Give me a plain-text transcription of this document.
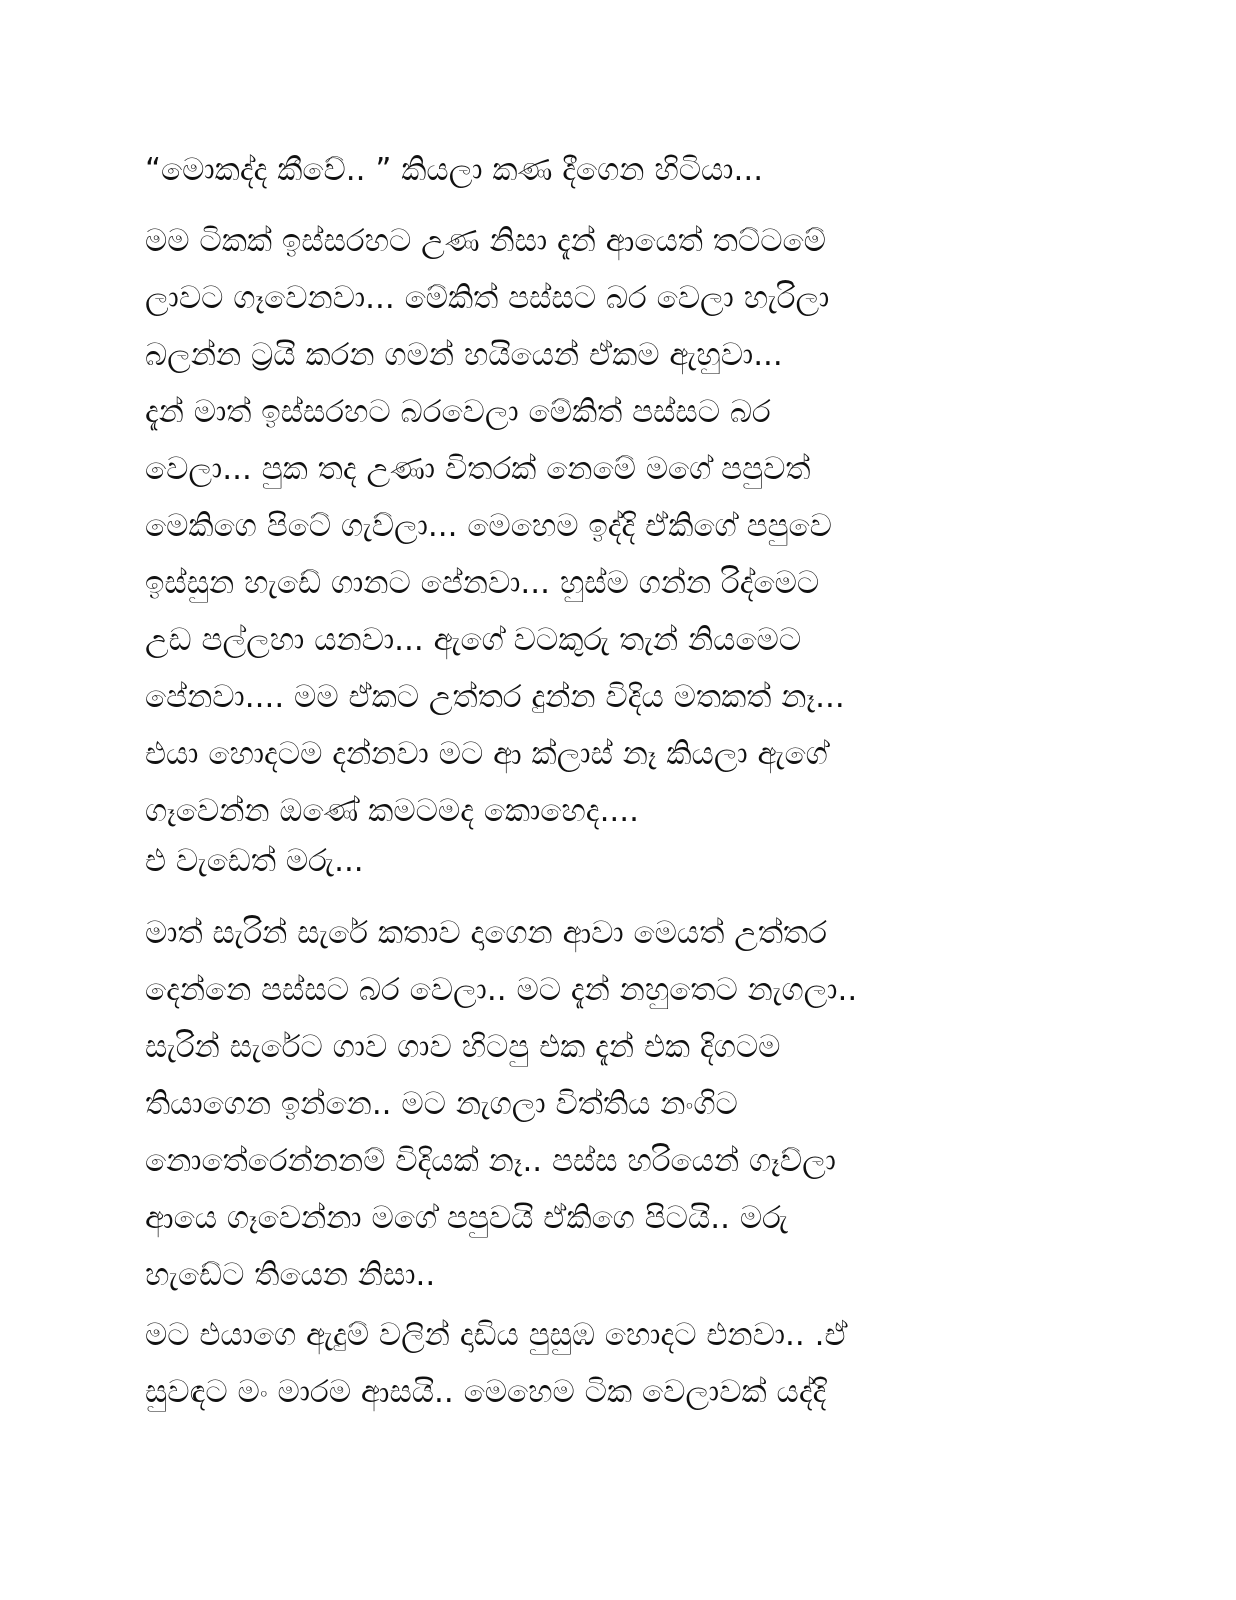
“මොකද්ද කීවේ.. ” කියලා කණ දීගෙන හිටියා...
මම ටිකක් ඉස්සරහට උණ නිසා දැන් ආයෙත් තට්ටමේ
ලාවට ගෑවෙනවා... මේකිත් පස්සට බර වෙලා හැරිලා
බලන්න ට්‍රයි කරන ගමන් හයියෙන් ඒකම ඇහුවා...
දැන් මාත් ඉස්සරහට බරවෙලා මේකිත් පස්සට බර
වෙලා... පුක තද උණා විතරක් නෙමේ මගේ පපුවත්
මෙකිගෙ පිටේ ගැව්ලා... මෙහෙම ඉද්දි ඒකිගේ පපුවෙ
ඉස්සුන හැඩේ ගානට පේනවා... හුස්ම ගන්න රිද්මෙට
උඩ පල්ලහා යනවා... ඇගේ වටකුරු තැන් නියමෙට
පේනවා.... මම ඒකට උත්තර දුන්න විදිය මතකත් නෑ...
එයා හොදටම දන්නවා මට ආ ක්ලාස් නෑ කියලා ඇගේ
ගෑවෙන්න ඔණේ කමටමද කොහෙද....
එ වැඩෙත් මරු...
මාත් සැරින් සැරේ කතාව දාගෙන ආවා මෙයත් උත්තර
දෙන්නෙ පස්සට බර වෙලා.. මට දැන් නහුතෙට නැගලා..
සැරින් සැරේට ගාව ගාව හිටපු එක දැන් එක දිගටම
තියාගෙන ඉන්නෙ.. මට නැගලා විත්තිය නංගිට
නොතේරෙන්නනම් විදියක් නෑ.. පස්ස හරියෙන් ගෑව්ලා
ආයෙ ගෑවෙන්නා මගේ පපුවයි ඒකිගෙ පිටයි.. මරු
හැඩේට තියෙන නිසා..
මට එයාගෙ ඇදුම් වලින් දාඩිය පුසුඹ හොදට එනවා.. .ඒ
සුවඳට මං මාරම ආසයි.. මෙහෙම ටික වෙලාවක් යද්දි
